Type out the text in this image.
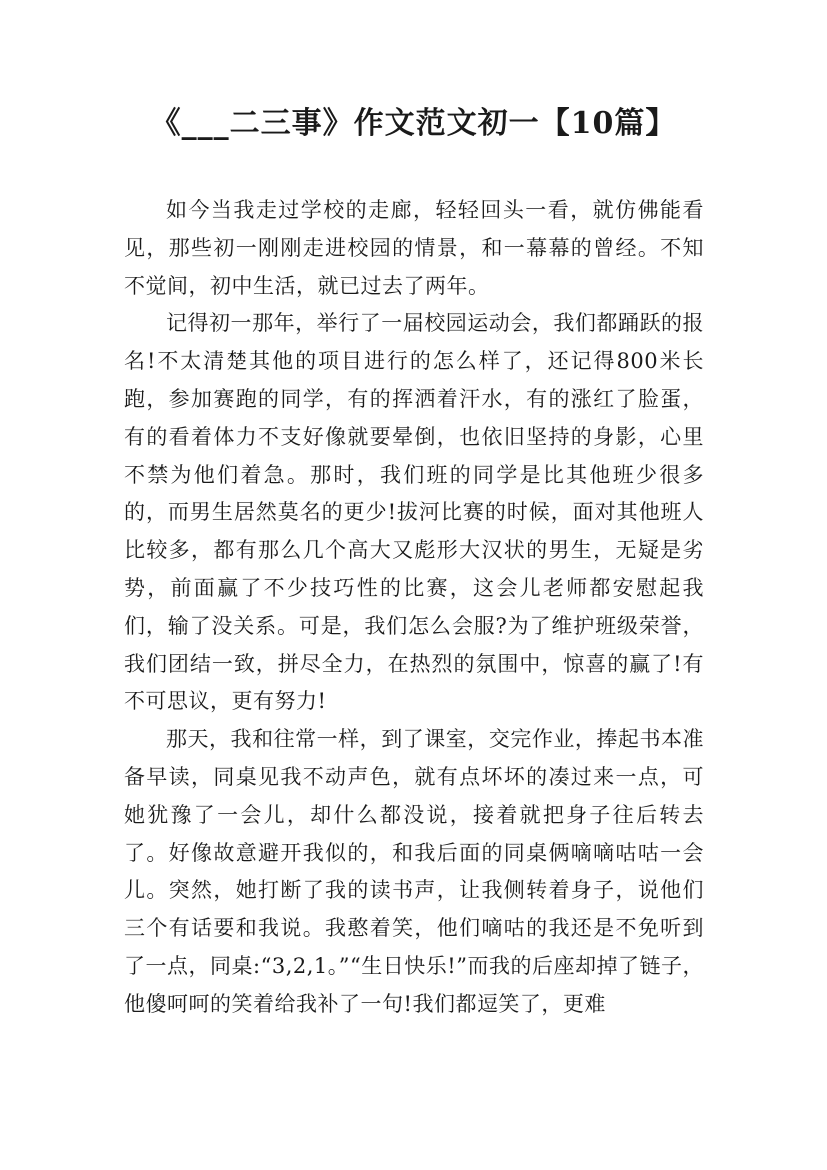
《___二三事》作文范文初一【10篇】

如今当我走过学校的走廊，轻轻回头一看，就仿佛能看见，那些初一刚刚走进校园的情景，和一幕幕的曾经。不知不觉间，初中生活，就已过去了两年。

记得初一那年，举行了一届校园运动会，我们都踊跃的报名!不太清楚其他的项目进行的怎么样了，还记得800米长跑，参加赛跑的同学，有的挥洒着汗水，有的涨红了脸蛋，有的看着体力不支好像就要晕倒，也依旧坚持的身影，心里不禁为他们着急。那时，我们班的同学是比其他班少很多的，而男生居然莫名的更少!拔河比赛的时候，面对其他班人比较多，都有那么几个高大又彪形大汉状的男生，无疑是劣势，前面赢了不少技巧性的比赛，这会儿老师都安慰起我们，输了没关系。可是，我们怎么会服?为了维护班级荣誉，我们团结一致，拼尽全力，在热烈的氛围中，惊喜的赢了!有不可思议，更有努力!

那天，我和往常一样，到了课室，交完作业，捧起书本准备早读，同桌见我不动声色，就有点坏坏的凑过来一点，可她犹豫了一会儿，却什么都没说，接着就把身子往后转去了。好像故意避开我似的，和我后面的同桌俩嘀嘀咕咕一会儿。突然，她打断了我的读书声，让我侧转着身子，说他们三个有话要和我说。我憨着笑，他们嘀咕的我还是不免听到了一点，同桌:“3,2,1。”“生日快乐!”而我的后座却掉了链子，他傻呵呵的笑着给我补了一句!我们都逗笑了，更难
